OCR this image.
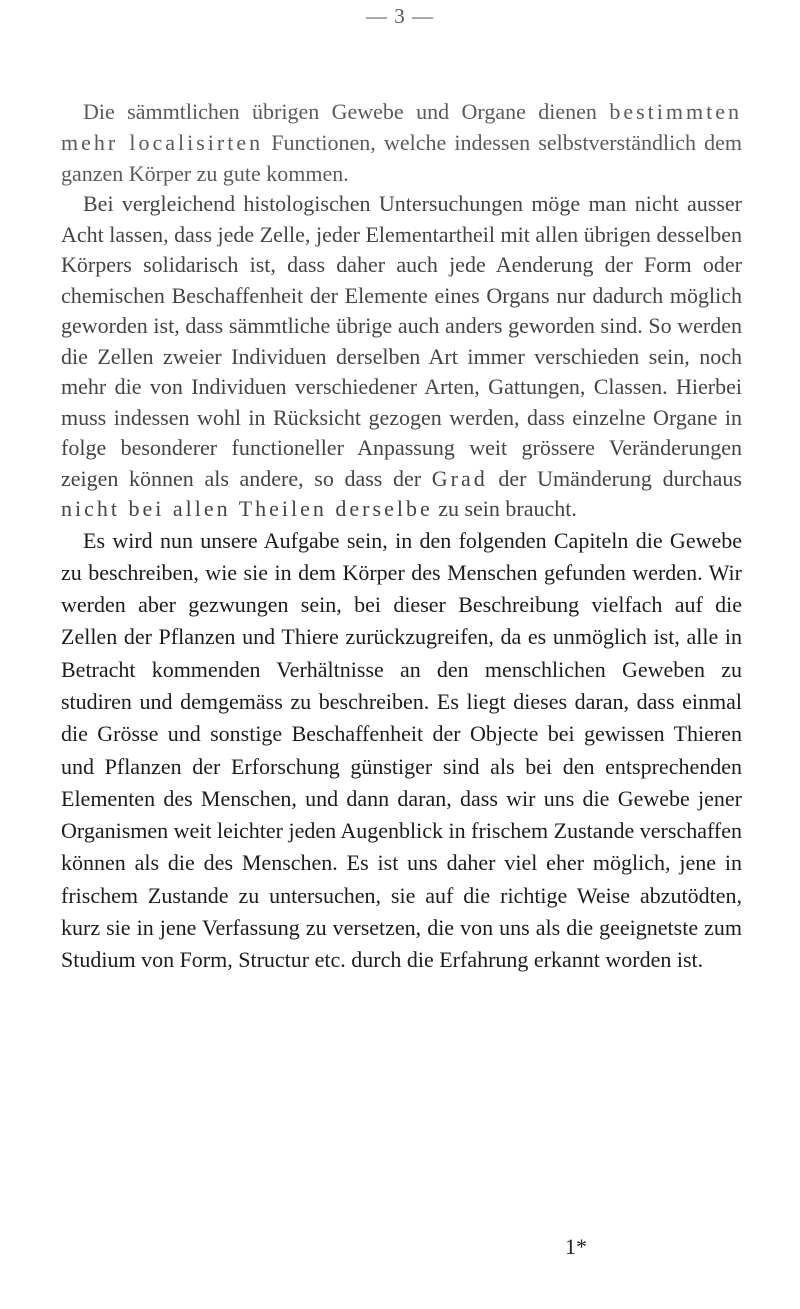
— 3 —

Die sämmtlichen übrigen Gewebe und Organe dienen bestimmten mehr localisirten Functionen, welche indessen selbstverständlich dem ganzen Körper zu gute kommen.

Bei vergleichend histologischen Untersuchungen möge man nicht ausser Acht lassen, dass jede Zelle, jeder Elementartheil mit allen übrigen desselben Körpers solidarisch ist, dass daher auch jede Aenderung der Form oder chemischen Beschaffenheit der Elemente eines Organs nur dadurch möglich geworden ist, dass sämmtliche übrige auch anders geworden sind. So werden die Zellen zweier Individuen derselben Art immer verschieden sein, noch mehr die von Individuen verschiedener Arten, Gattungen, Classen. Hierbei muss indessen wohl in Rücksicht gezogen werden, dass einzelne Organe in folge besonderer functioneller Anpassung weit grössere Veränderungen zeigen können als andere, so dass der Grad der Umänderung durchaus nicht bei allen Theilen derselbe zu sein braucht.

Es wird nun unsere Aufgabe sein, in den folgenden Capiteln die Gewebe zu beschreiben, wie sie in dem Körper des Menschen gefunden werden. Wir werden aber gezwungen sein, bei dieser Beschreibung vielfach auf die Zellen der Pflanzen und Thiere zurückzugreifen, da es unmöglich ist, alle in Betracht kommenden Verhältnisse an den menschlichen Geweben zu studiren und demgemäss zu beschreiben. Es liegt dieses daran, dass einmal die Grösse und sonstige Beschaffenheit der Objecte bei gewissen Thieren und Pflanzen der Erforschung günstiger sind als bei den entsprechenden Elementen des Menschen, und dann daran, dass wir uns die Gewebe jener Organismen weit leichter jeden Augenblick in frischem Zustande verschaffen können als die des Menschen. Es ist uns daher viel eher möglich, jene in frischem Zustande zu untersuchen, sie auf die richtige Weise abzutödten, kurz sie in jene Verfassung zu versetzen, die von uns als die geeignetste zum Studium von Form, Structur etc. durch die Erfahrung erkannt worden ist.

1*
